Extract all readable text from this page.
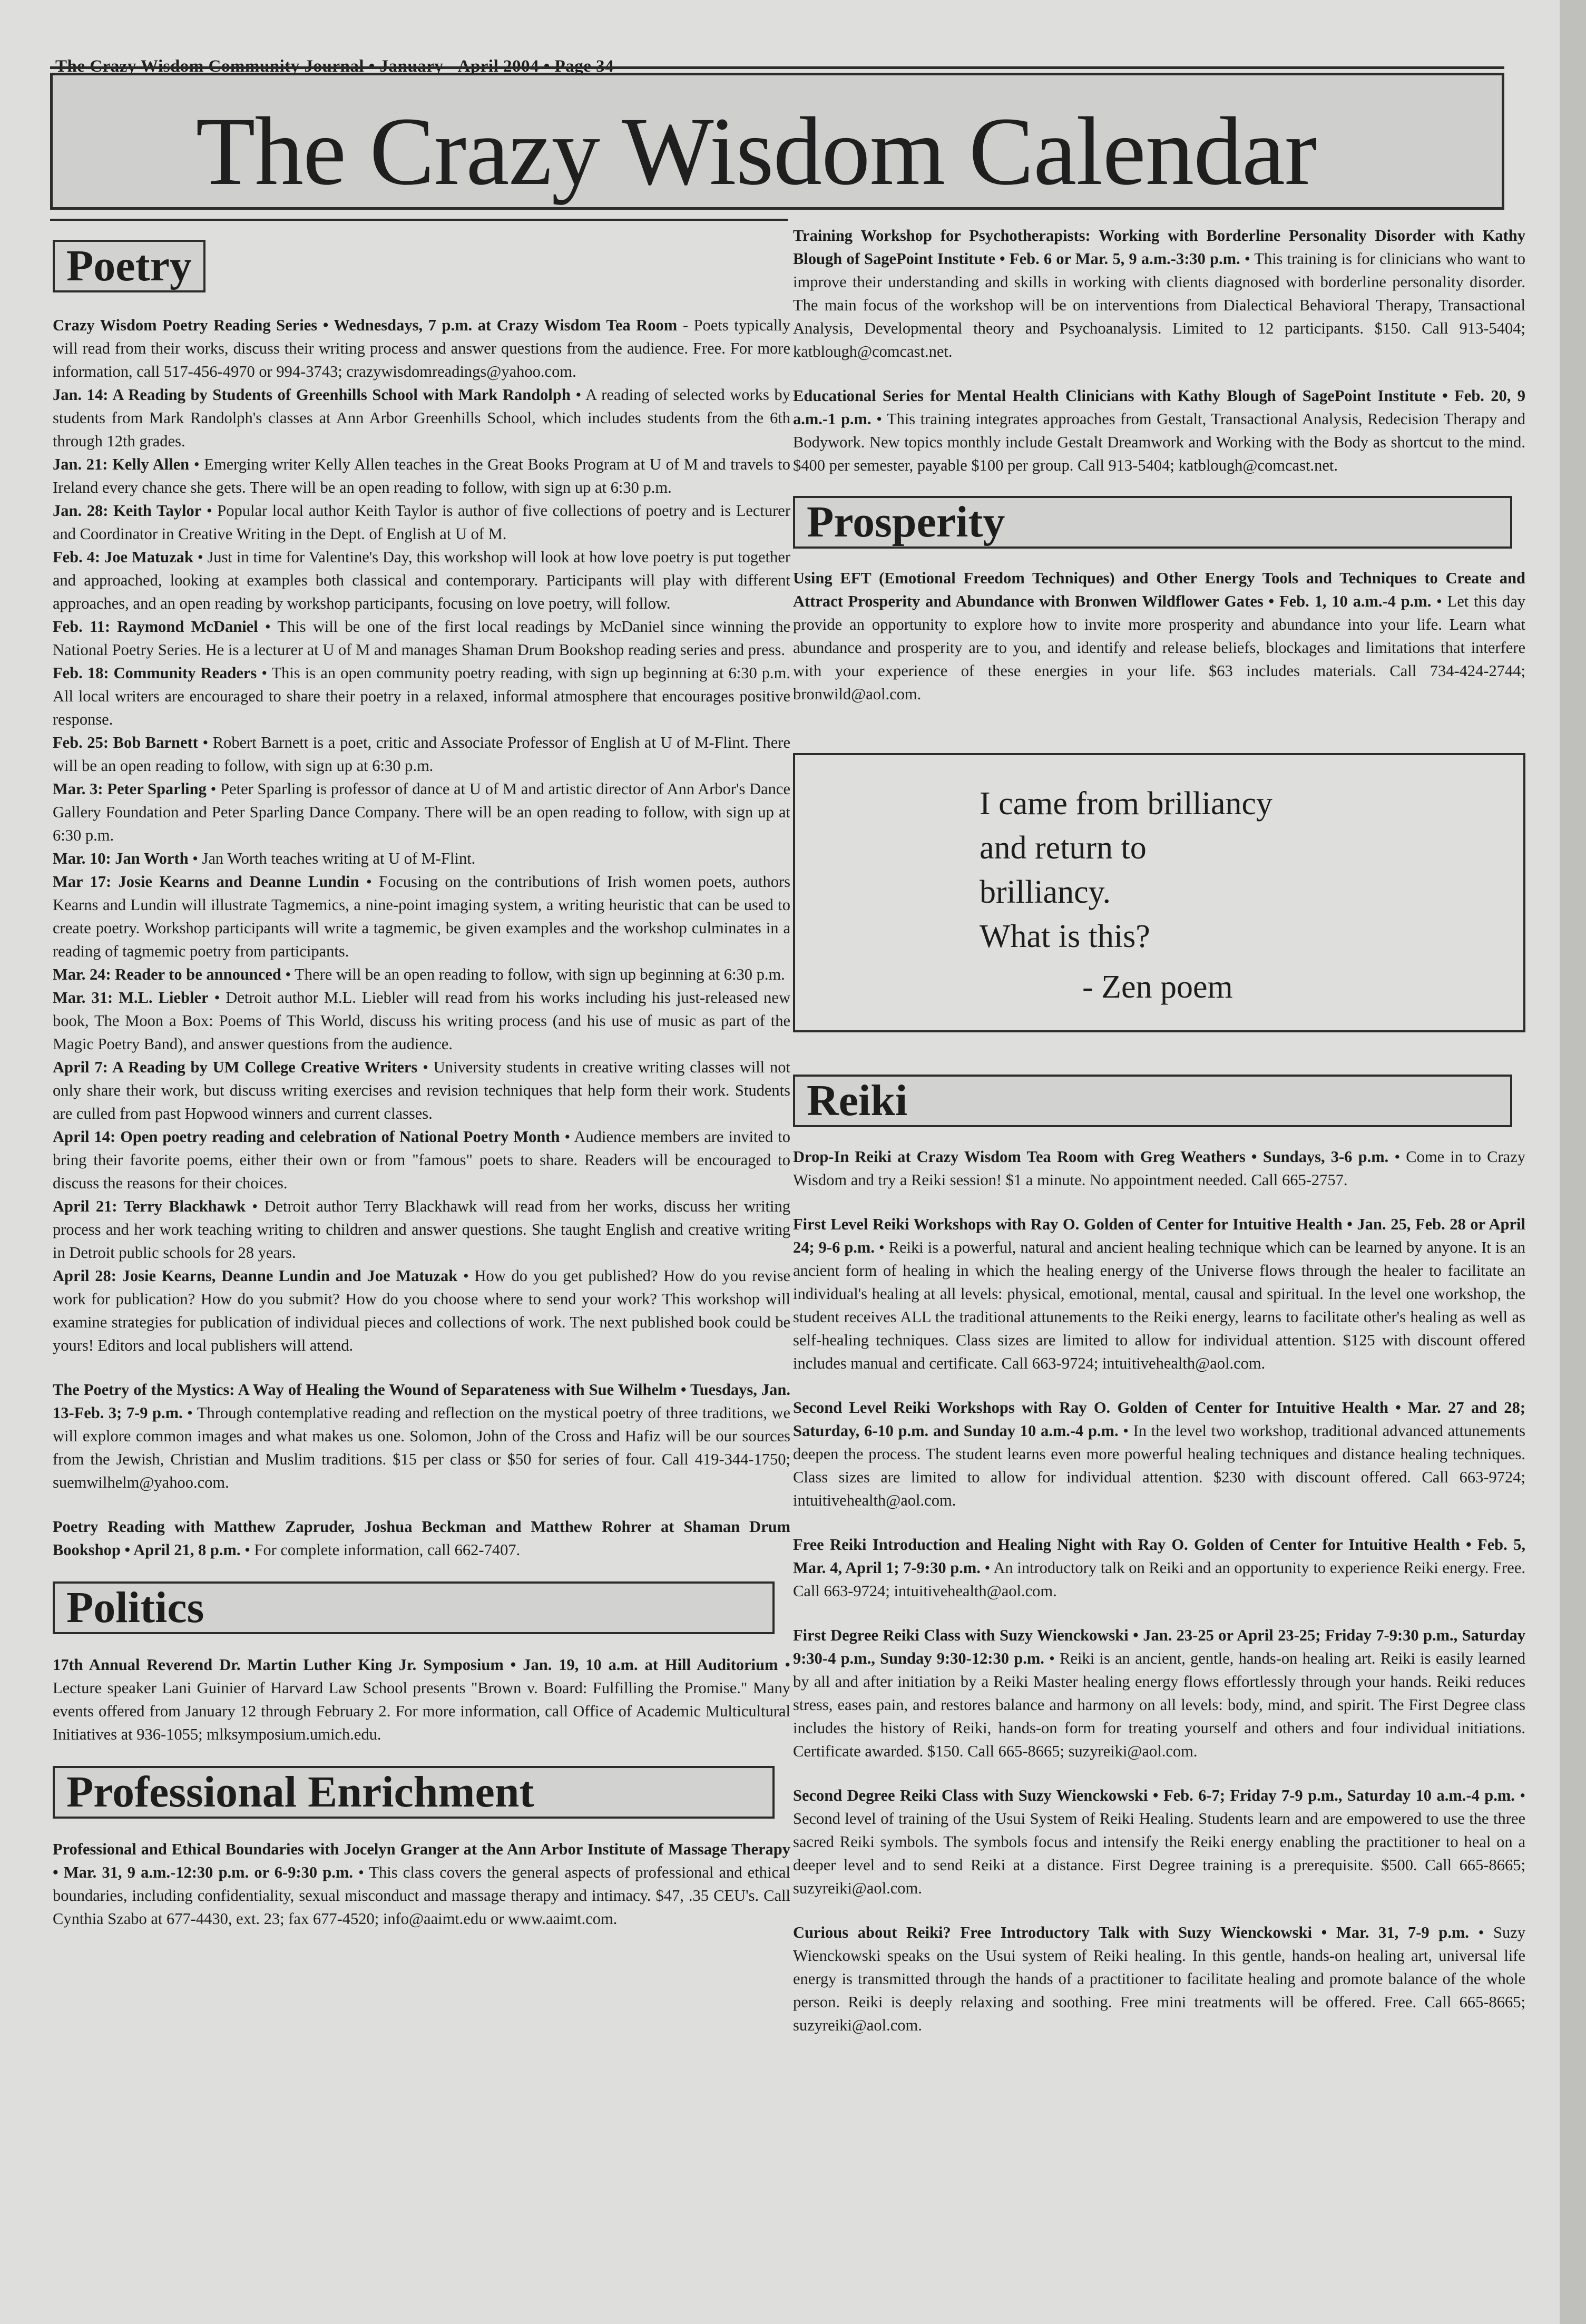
The Crazy Wisdom Calendar
Poetry

Crazy Wisdom Poetry Reading Series • Wednesdays, 7 p.m. at Crazy Wisdom Tea Room - Poets typically will read from their works, discuss their writing process and answer questions from the audience. Free. For more information, call 517-456-4970 or 994-3743; crazywisdomreadings@yahoo.com.

Jan. 14: A Reading by Students of Greenhills School with Mark Randolph • A reading of selected works by students from Mark Randolph's classes at Ann Arbor Greenhills School, which includes students from the 6th through 12th grades.

Jan. 21: Kelly Allen • Emerging writer Kelly Allen teaches in the Great Books Program at U of M and travels to Ireland every chance she gets. There will be an open reading to follow, with sign up at 6:30 p.m.

Jan. 28: Keith Taylor • Popular local author Keith Taylor is author of five collections of poetry and is Lecturer and Coordinator in Creative Writing in the Dept. of English at U of M.

Feb. 4: Joe Matuzak • Just in time for Valentine's Day, this workshop will look at how love poetry is put together and approached, looking at examples both classical and contemporary. Participants will play with different approaches, and an open reading by workshop participants, focusing on love poetry, will follow.

Feb. 11: Raymond McDaniel • This will be one of the first local readings by McDaniel since winning the National Poetry Series. He is a lecturer at U of M and manages Shaman Drum Bookshop reading series and press.

Feb. 18: Community Readers • This is an open community poetry reading, with sign up beginning at 6:30 p.m. All local writers are encouraged to share their poetry in a relaxed, informal atmosphere that encourages positive response.

Feb. 25: Bob Barnett • Robert Barnett is a poet, critic and Associate Professor of English at U of M-Flint. There will be an open reading to follow, with sign up at 6:30 p.m.

Mar. 3: Peter Sparling • Peter Sparling is professor of dance at U of M and artistic director of Ann Arbor's Dance Gallery Foundation and Peter Sparling Dance Company. There will be an open reading to follow, with sign up at 6:30 p.m.

Mar. 10: Jan Worth • Jan Worth teaches writing at U of M-Flint.

Mar 17: Josie Kearns and Deanne Lundin • Focusing on the contributions of Irish women poets, authors Kearns and Lundin will illustrate Tagmemics, a nine-point imaging system, a writing heuristic that can be used to create poetry. Workshop participants will write a tagmemic, be given examples and the workshop culminates in a reading of tagmemic poetry from participants.

Mar. 24: Reader to be announced • There will be an open reading to follow, with sign up beginning at 6:30 p.m.

Mar. 31: M.L. Liebler • Detroit author M.L. Liebler will read from his works including his just-released new book, The Moon a Box: Poems of This World, discuss his writing process (and his use of music as part of the Magic Poetry Band), and answer questions from the audience.

April 7: A Reading by UM College Creative Writers • University students in creative writing classes will not only share their work, but discuss writing exercises and revision techniques that help form their work. Students are culled from past Hopwood winners and current classes.

April 14: Open poetry reading and celebration of National Poetry Month • Audience members are invited to bring their favorite poems, either their own or from "famous" poets to share. Readers will be encouraged to discuss the reasons for their choices.

April 21: Terry Blackhawk • Detroit author Terry Blackhawk will read from her works, discuss her writing process and her work teaching writing to children and answer questions. She taught English and creative writing in Detroit public schools for 28 years.

April 28: Josie Kearns, Deanne Lundin and Joe Matuzak • How do you get published? How do you revise work for publication? How do you submit? How do you choose where to send your work? This workshop will examine strategies for publication of individual pieces and collections of work. The next published book could be yours! Editors and local publishers will attend.

The Poetry of the Mystics: A Way of Healing the Wound of Separateness with Sue Wilhelm • Tuesdays, Jan. 13-Feb. 3; 7-9 p.m. • Through contemplative reading and reflection on the mystical poetry of three traditions, we will explore common images and what makes us one. Solomon, John of the Cross and Hafiz will be our sources from the Jewish, Christian and Muslim traditions. $15 per class or $50 for series of four. Call 419-344-1750; suemwilhelm@yahoo.com.

Poetry Reading with Matthew Zapruder, Joshua Beckman and Matthew Rohrer at Shaman Drum Bookshop • April 21, 8 p.m. • For complete information, call 662-7407.

Politics

17th Annual Reverend Dr. Martin Luther King Jr. Symposium • Jan. 19, 10 a.m. at Hill Auditorium • Lecture speaker Lani Guinier of Harvard Law School presents "Brown v. Board: Fulfilling the Promise." Many events offered from January 12 through February 2. For more information, call Office of Academic Multicultural Initiatives at 936-1055; mlksymposium.umich.edu.

Professional Enrichment

Professional and Ethical Boundaries with Jocelyn Granger at the Ann Arbor Institute of Massage Therapy • Mar. 31, 9 a.m.-12:30 p.m. or 6-9:30 p.m. • This class covers the general aspects of professional and ethical boundaries, including confidentiality, sexual misconduct and massage therapy and intimacy. $47, .35 CEU's. Call Cynthia Szabo at 677-4430, ext. 23; fax 677-4520; info@aaimt.edu or www.aaimt.com.

Training Workshop for Psychotherapists: Working with Borderline Personality Disorder with Kathy Blough of SagePoint Institute • Feb. 6 or Mar. 5, 9 a.m.-3:30 p.m. • This training is for clinicians who want to improve their understanding and skills in working with clients diagnosed with borderline personality disorder. The main focus of the workshop will be on interventions from Dialectical Behavioral Therapy, Transactional Analysis, Developmental theory and Psychoanalysis. Limited to 12 participants. $150. Call 913-5404; katblough@comcast.net.

Educational Series for Mental Health Clinicians with Kathy Blough of SagePoint Institute • Feb. 20, 9 a.m.-1 p.m. • This training integrates approaches from Gestalt, Transactional Analysis, Redecision Therapy and Bodywork. New topics monthly include Gestalt Dreamwork and Working with the Body as shortcut to the mind. $400 per semester, payable $100 per group. Call 913-5404; katblough@comcast.net.

Prosperity

Using EFT (Emotional Freedom Techniques) and Other Energy Tools and Techniques to Create and Attract Prosperity and Abundance with Bronwen Wildflower Gates • Feb. 1, 10 a.m.-4 p.m. • Let this day provide an opportunity to explore how to invite more prosperity and abundance into your life. Learn what abundance and prosperity are to you, and identify and release beliefs, blockages and limitations that interfere with your experience of these energies in your life. $63 includes materials. Call 734-424-2744; bronwild@aol.com.

I came from brilliancy
and return to
brilliancy.
What is this?
- Zen poem
Reiki

Drop-In Reiki at Crazy Wisdom Tea Room with Greg Weathers • Sundays, 3-6 p.m. • Come in to Crazy Wisdom and try a Reiki session! $1 a minute. No appointment needed. Call 665-2757.

First Level Reiki Workshops with Ray O. Golden of Center for Intuitive Health • Jan. 25, Feb. 28 or April 24; 9-6 p.m. • Reiki is a powerful, natural and ancient healing technique which can be learned by anyone. It is an ancient form of healing in which the healing energy of the Universe flows through the healer to facilitate an individual's healing at all levels: physical, emotional, mental, causal and spiritual. In the level one workshop, the student receives ALL the traditional attunements to the Reiki energy, learns to facilitate other's healing as well as self-healing techniques. Class sizes are limited to allow for individual attention. $125 with discount offered includes manual and certificate. Call 663-9724; intuitivehealth@aol.com.

Second Level Reiki Workshops with Ray O. Golden of Center for Intuitive Health • Mar. 27 and 28; Saturday, 6-10 p.m. and Sunday 10 a.m.-4 p.m. • In the level two workshop, traditional advanced attunements deepen the process. The student learns even more powerful healing techniques and distance healing techniques. Class sizes are limited to allow for individual attention. $230 with discount offered. Call 663-9724; intuitivehealth@aol.com.

Free Reiki Introduction and Healing Night with Ray O. Golden of Center for Intuitive Health • Feb. 5, Mar. 4, April 1; 7-9:30 p.m. • An introductory talk on Reiki and an opportunity to experience Reiki energy. Free. Call 663-9724; intuitivehealth@aol.com.

First Degree Reiki Class with Suzy Wienckowski • Jan. 23-25 or April 23-25; Friday 7-9:30 p.m., Saturday 9:30-4 p.m., Sunday 9:30-12:30 p.m. • Reiki is an ancient, gentle, hands-on healing art. Reiki is easily learned by all and after initiation by a Reiki Master healing energy flows effortlessly through your hands. Reiki reduces stress, eases pain, and restores balance and harmony on all levels: body, mind, and spirit. The First Degree class includes the history of Reiki, hands-on form for treating yourself and others and four individual initiations. Certificate awarded. $150. Call 665-8665; suzyreiki@aol.com.

Second Degree Reiki Class with Suzy Wienckowski • Feb. 6-7; Friday 7-9 p.m., Saturday 10 a.m.-4 p.m. • Second level of training of the Usui System of Reiki Healing. Students learn and are empowered to use the three sacred Reiki symbols. The symbols focus and intensify the Reiki energy enabling the practitioner to heal on a deeper level and to send Reiki at a distance. First Degree training is a prerequisite. $500. Call 665-8665; suzyreiki@aol.com.

Curious about Reiki? Free Introductory Talk with Suzy Wienckowski • Mar. 31, 7-9 p.m. • Suzy Wienckowski speaks on the Usui system of Reiki healing. In this gentle, hands-on healing art, universal life energy is transmitted through the hands of a practitioner to facilitate healing and promote balance of the whole person. Reiki is deeply relaxing and soothing. Free mini treatments will be offered. Free. Call 665-8665; suzyreiki@aol.com.
